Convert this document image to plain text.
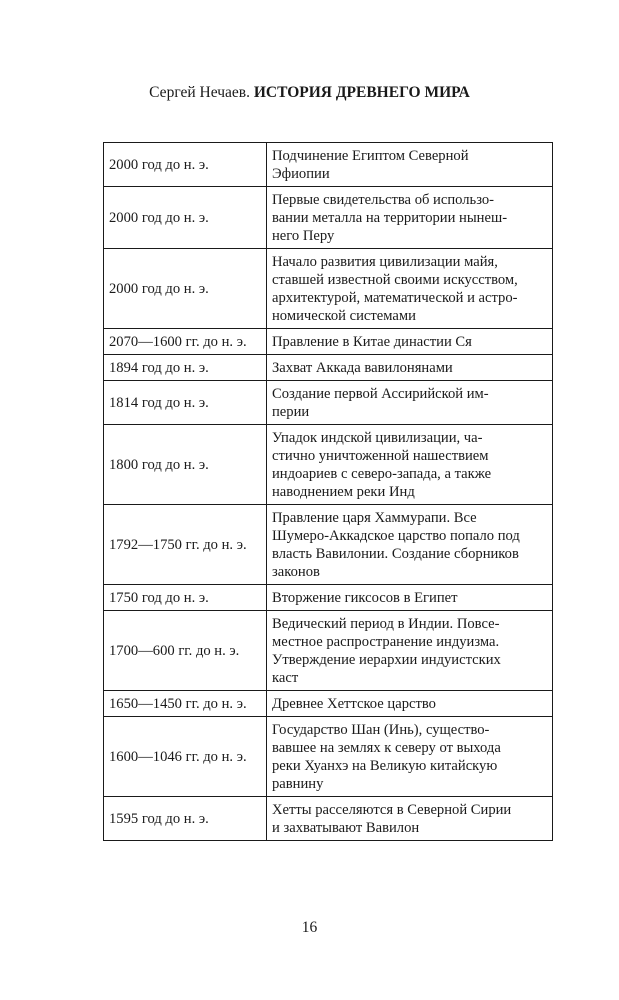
Сергей Нечаев. ИСТОРИЯ ДРЕВНЕГО МИРА
2000 год до н. э.	Подчинение Египтом Северной
Эфиопии
2000 год до н. э.	Первые свидетельства об использо-
вании металла на территории нынеш-
него Перу
2000 год до н. э.	Начало развития цивилизации майя,
ставшей известной своими искусством,
архитектурой, математической и астро-
номической системами
2070—1600 гг. до н. э.	Правление в Китае династии Ся
1894 год до н. э.	Захват Аккада вавилонянами
1814 год до н. э.	Создание первой Ассирийской им-
перии
1800 год до н. э.	Упадок индской цивилизации, ча-
стично уничтоженной нашествием
индоариев с северо-запада, а также
наводнением реки Инд
1792—1750 гг. до н. э.	Правление царя Хаммурапи. Все
Шумеро-Аккадское царство попало под
власть Вавилонии. Создание сборников
законов
1750 год до н. э.	Вторжение гиксосов в Египет
1700—600 гг. до н. э.	Ведический период в Индии. Повсе-
местное распространение индуизма.
Утверждение иерархии индуистских
каст
1650—1450 гг. до н. э.	Древнее Хеттское царство
1600—1046 гг. до н. э.	Государство Шан (Инь), существо-
вавшее на землях к северу от выхода
реки Хуанхэ на Великую китайскую
равнину
1595 год до н. э.	Хетты расселяются в Северной Сирии
и захватывают Вавилон
16
